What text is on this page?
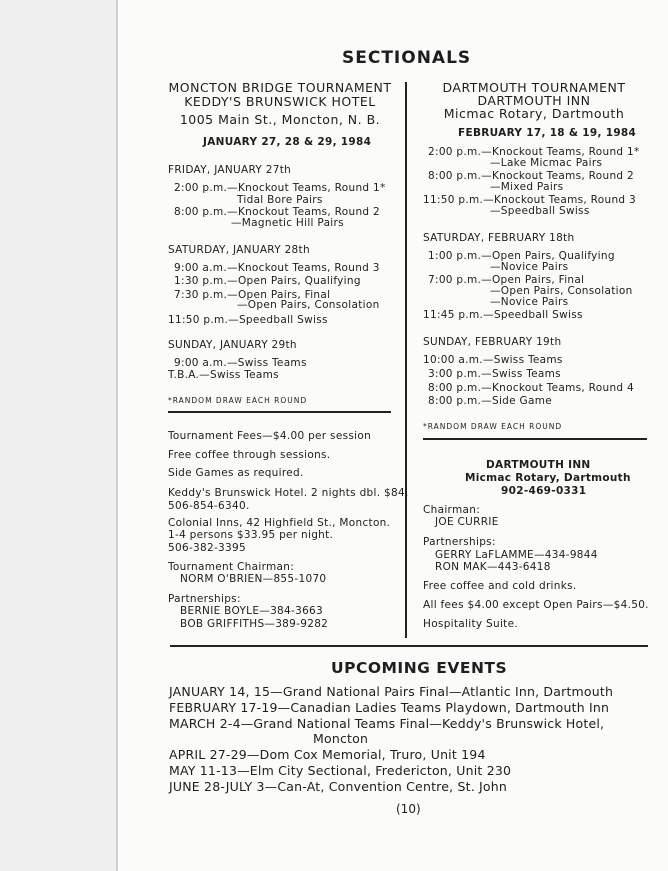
SECTIONALS
MONCTON BRIDGE TOURNAMENT
KEDDY'S BRUNSWICK HOTEL
1005 Main St., Moncton, N. B.
JANUARY 27, 28 & 29, 1984
FRIDAY, JANUARY 27th
2:00 p.m.—Knockout Teams, Round 1*
Tidal Bore Pairs
8:00 p.m.—Knockout Teams, Round 2
—Magnetic Hill Pairs
SATURDAY, JANUARY 28th
9:00 a.m.—Knockout Teams, Round 3
1:30 p.m.—Open Pairs, Qualifying
7:30 p.m.—Open Pairs, Final
—Open Pairs, Consolation
11:50 p.m.—Speedball Swiss
SUNDAY, JANUARY 29th
9:00 a.m.—Swiss Teams
T.B.A.—Swiss Teams
*RANDOM DRAW EACH ROUND
Tournament Fees—$4.00 per session
Free coffee through sessions.
Side Games as required.
Keddy's Brunswick Hotel. 2 nights dbl. $84.
506-854-6340.
Colonial Inns, 42 Highfield St., Moncton.
1-4 persons $33.95 per night.
506-382-3395
Tournament Chairman:
NORM O'BRIEN—855-1070
Partnerships:
BERNIE BOYLE—384-3663
BOB GRIFFITHS—389-9282
DARTMOUTH TOURNAMENT
DARTMOUTH INN
Micmac Rotary, Dartmouth
FEBRUARY 17, 18 & 19, 1984
2:00 p.m.—Knockout Teams, Round 1*
—Lake Micmac Pairs
8:00 p.m.—Knockout Teams, Round 2
—Mixed Pairs
11:50 p.m.—Knockout Teams, Round 3
—Speedball Swiss
SATURDAY, FEBRUARY 18th
1:00 p.m.—Open Pairs, Qualifying
—Novice Pairs
7:00 p.m.—Open Pairs, Final
—Open Pairs, Consolation
—Novice Pairs
11:45 p.m.—Speedball Swiss
SUNDAY, FEBRUARY 19th
10:00 a.m.—Swiss Teams
3:00 p.m.—Swiss Teams
8:00 p.m.—Knockout Teams, Round 4
8:00 p.m.—Side Game
*RANDOM DRAW EACH ROUND
DARTMOUTH INN
Micmac Rotary, Dartmouth
902-469-0331
Chairman:
JOE CURRIE
Partnerships:
GERRY LaFLAMME—434-9844
RON MAK—443-6418
Free coffee and cold drinks.
All fees $4.00 except Open Pairs—$4.50.
Hospitality Suite.
UPCOMING EVENTS
JANUARY 14, 15—Grand National Pairs Final—Atlantic Inn, Dartmouth
FEBRUARY 17-19—Canadian Ladies Teams Playdown, Dartmouth Inn
MARCH 2-4—Grand National Teams Final—Keddy's Brunswick Hotel,
Moncton
APRIL 27-29—Dom Cox Memorial, Truro, Unit 194
MAY 11-13—Elm City Sectional, Fredericton, Unit 230
JUNE 28-JULY 3—Can-At, Convention Centre, St. John
(10)
